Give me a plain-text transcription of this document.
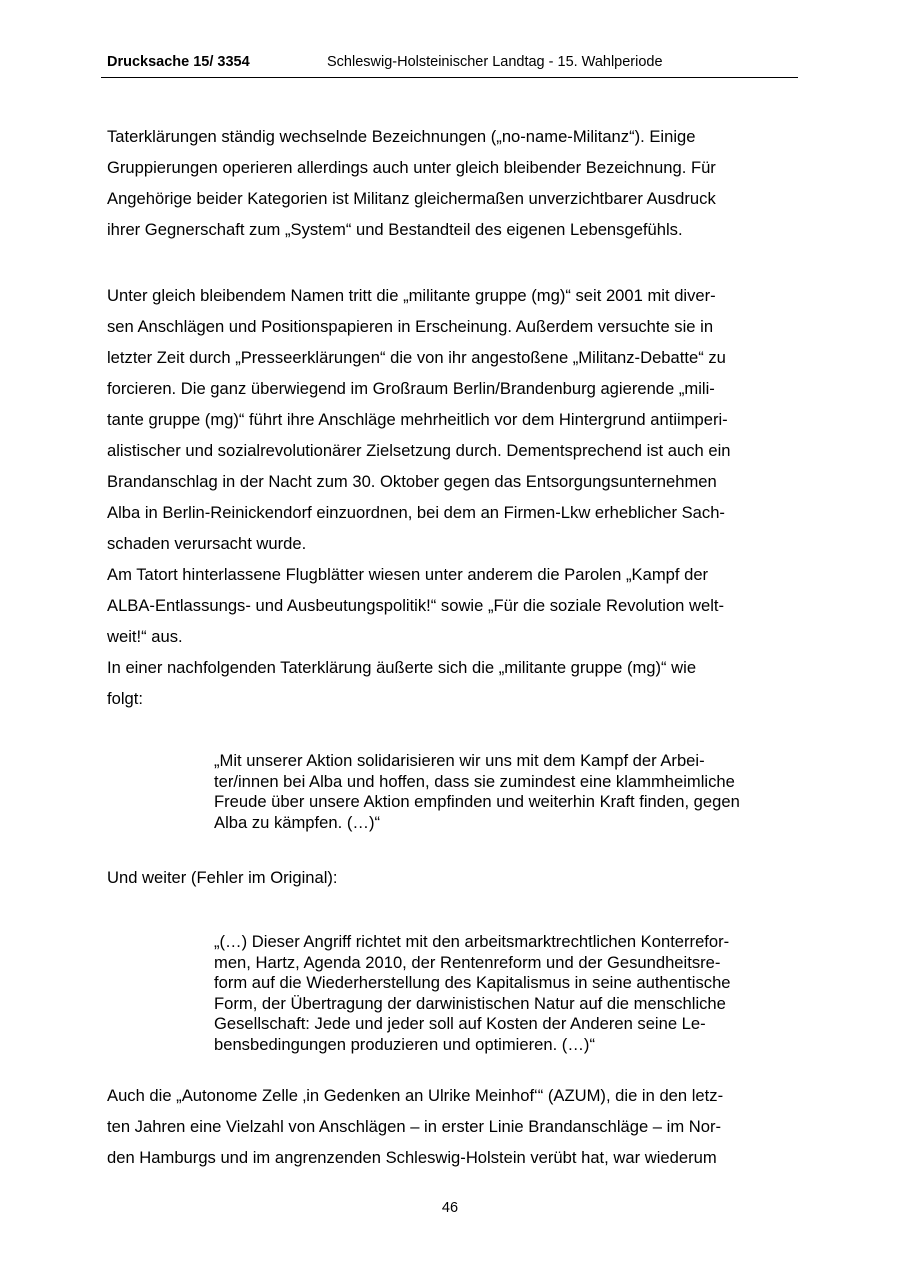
Drucksache 15/ 3354	Schleswig-Holsteinischer Landtag - 15. Wahlperiode

Taterklärungen ständig wechselnde Bezeichnungen („no-name-Militanz“). Einige
Gruppierungen operieren allerdings auch unter gleich bleibender Bezeichnung. Für
Angehörige beider Kategorien ist Militanz gleichermaßen unverzichtbarer Ausdruck
ihrer Gegnerschaft zum „System“ und Bestandteil des eigenen Lebensgefühls.

Unter gleich bleibendem Namen tritt die „militante gruppe (mg)“ seit 2001 mit diver-
sen Anschlägen und Positionspapieren in Erscheinung. Außerdem versuchte sie in
letzter Zeit durch „Presseerklärungen“ die von ihr angestoßene „Militanz-Debatte“ zu
forcieren. Die ganz überwiegend im Großraum Berlin/Brandenburg agierende „mili-
tante gruppe (mg)“ führt ihre Anschläge mehrheitlich vor dem Hintergrund antiimperi-
alistischer und sozialrevolutionärer Zielsetzung durch. Dementsprechend ist auch ein
Brandanschlag in der Nacht zum 30. Oktober gegen das Entsorgungsunternehmen
Alba in Berlin-Reinickendorf einzuordnen, bei dem an Firmen-Lkw erheblicher Sach-
schaden verursacht wurde.
Am Tatort hinterlassene Flugblätter wiesen unter anderem die Parolen „Kampf der
ALBA-Entlassungs- und Ausbeutungspolitik!“ sowie „Für die soziale Revolution welt-
weit!“ aus.
In einer nachfolgenden Taterklärung äußerte sich die „militante gruppe (mg)“ wie
folgt:

„Mit unserer Aktion solidarisieren wir uns mit dem Kampf der Arbei-
ter/innen bei Alba und hoffen, dass sie zumindest eine klammheimliche
Freude über unsere Aktion empfinden und weiterhin Kraft finden, gegen
Alba zu kämpfen. (…)“

Und weiter (Fehler im Original):

„(…) Dieser Angriff richtet mit den arbeitsmarktrechtlichen Konterrefor-
men, Hartz, Agenda 2010, der Rentenreform und der Gesundheitsre-
form auf die Wiederherstellung des Kapitalismus in seine authentische
Form, der Übertragung der darwinistischen Natur auf die menschliche
Gesellschaft: Jede und jeder soll auf Kosten der Anderen seine Le-
bensbedingungen produzieren und optimieren. (…)“

Auch die „Autonome Zelle ‚in Gedenken an Ulrike Meinhof‘“ (AZUM), die in den letz-
ten Jahren eine Vielzahl von Anschlägen – in erster Linie Brandanschläge – im Nor-
den Hamburgs und im angrenzenden Schleswig-Holstein verübt hat, war wiederum

46
